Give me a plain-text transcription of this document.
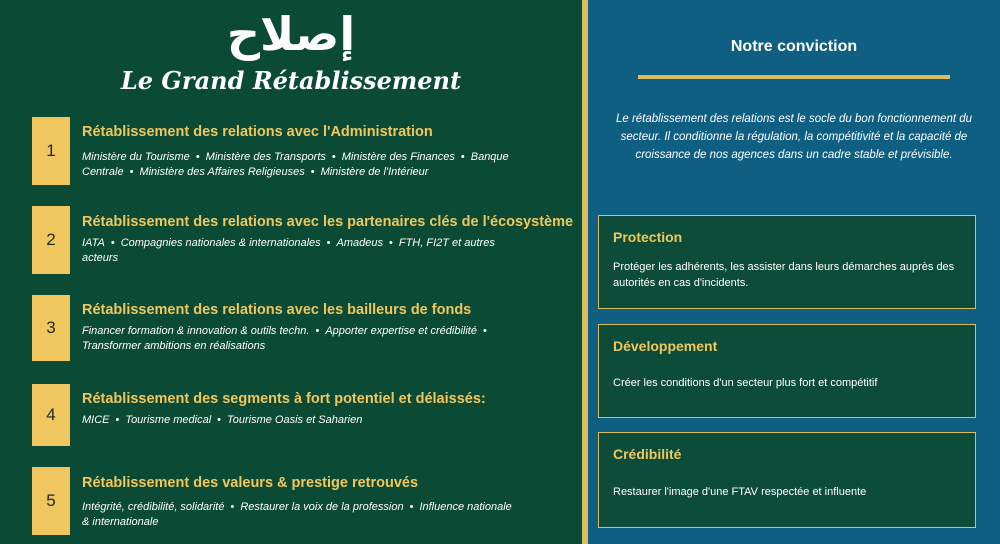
إصلاح
Le Grand Rétablissement
1
Rétablissement des relations avec l'Administration
Ministère du Tourisme • Ministère des Transports • Ministère des Finances • Banque Centrale • Ministère des Affaires Religieuses • Ministère de l'Intérieur
2
Rétablissement des relations avec les partenaires clés de l'écosystème
IATA • Compagnies nationales & internationales • Amadeus • FTH, FI2T et autres acteurs
3
Rétablissement des relations avec les bailleurs de fonds
Financer formation & innovation & outils techn. • Apporter expertise et crédibilité •Transformer ambitions en réalisations
4
Rétablissement des segments à fort potentiel et délaissés:
MICE • Tourisme medical • Tourisme Oasis et Saharien
5
Rétablissement des valeurs & prestige retrouvés
Intégrité, crédibilité, solidarité • Restaurer la voix de la profession • Influence nationale & internationale
Notre conviction
Le rétablissement des relations est le socle du bon fonctionnement du secteur. Il conditionne la régulation, la compétitivité et la capacité de croissance de nos agences dans un cadre stable et prévisible.
Protection
Protéger les adhérents, les assister dans leurs démarches auprès des autorités en cas d'incidents.
Développement
Créer les conditions d'un secteur plus fort et compétitif
Crédibilité
Restaurer l'image d'une FTAV respectée et influente
